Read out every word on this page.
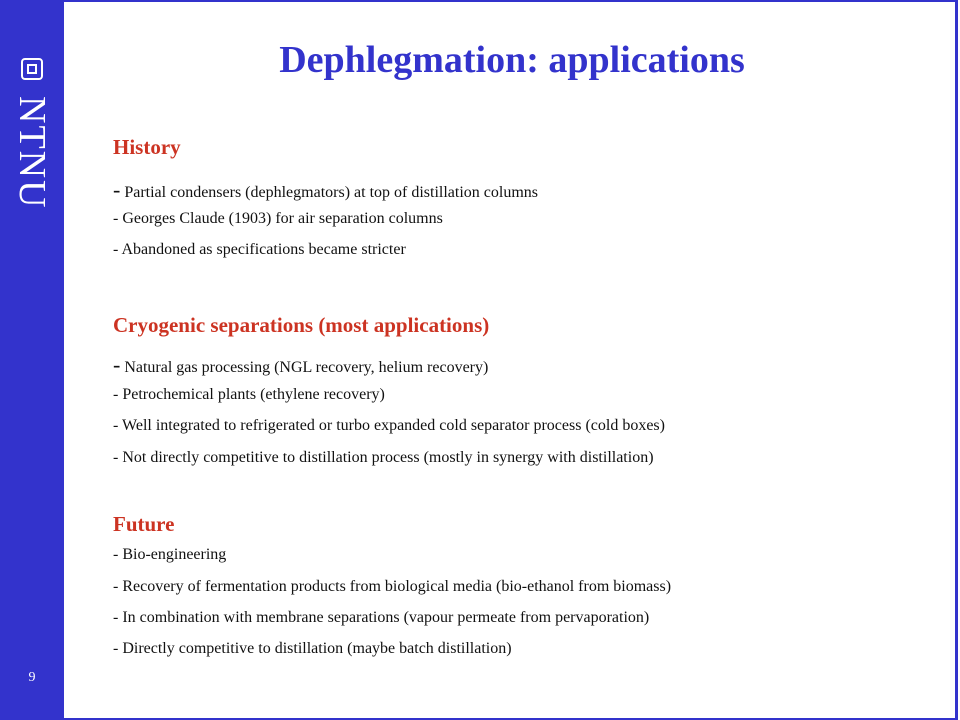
NTNU
9
Dephlegmation: applications
History
- Partial condensers (dephlegmators) at top of distillation columns
- Georges Claude (1903) for air separation columns
- Abandoned as specifications became stricter
Cryogenic separations (most applications)
- Natural gas processing (NGL recovery, helium recovery)
- Petrochemical plants (ethylene recovery)
- Well integrated to refrigerated or turbo expanded cold separator process (cold boxes)
- Not directly competitive to distillation process (mostly in synergy with distillation)
Future
- Bio-engineering
- Recovery of fermentation products from biological media (bio-ethanol from biomass)
- In combination with membrane separations (vapour permeate from pervaporation)
- Directly competitive to distillation (maybe batch distillation)
